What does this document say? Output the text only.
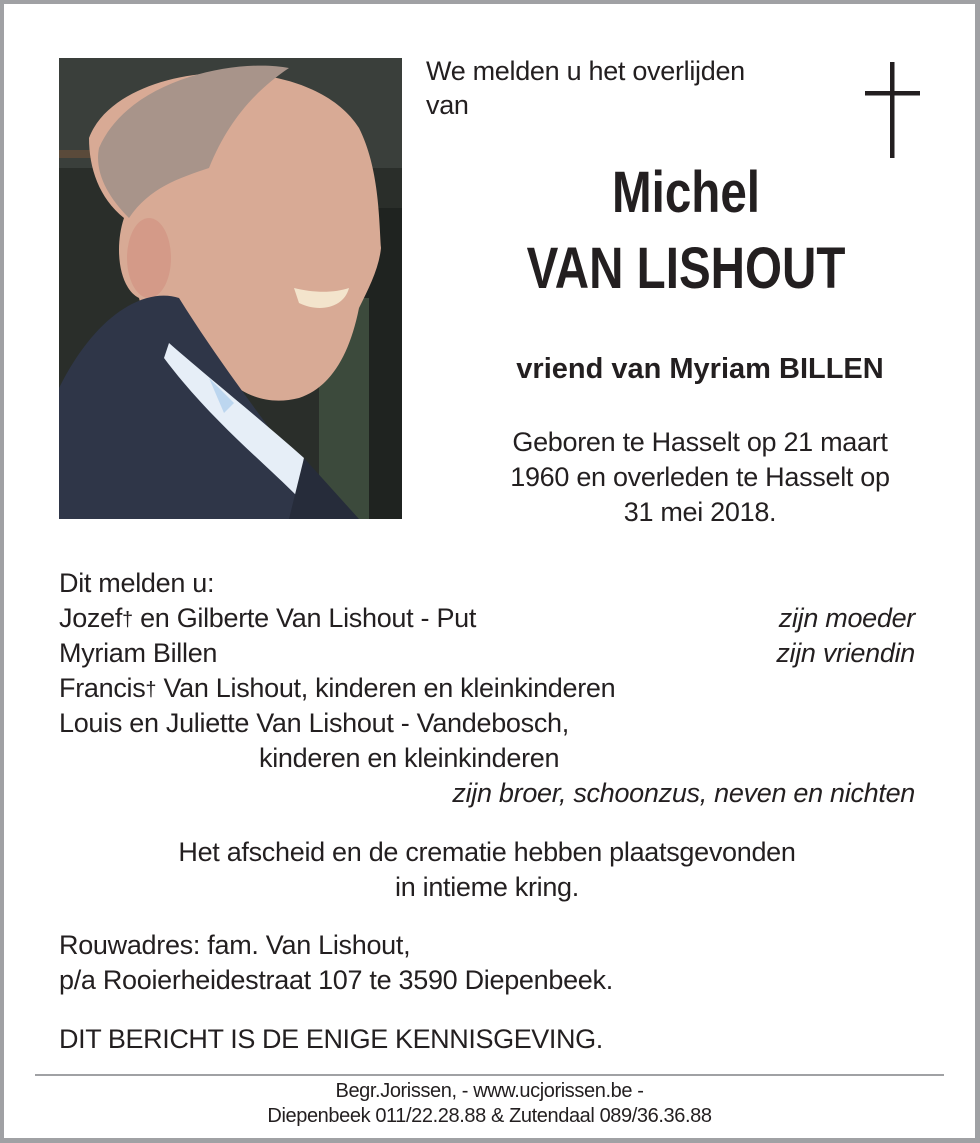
We melden u het overlijden
van
Michel
VAN LISHOUT
vriend van Myriam BILLEN
Geboren te Hasselt op 21 maart
1960 en overleden te Hasselt op
31 mei 2018.
Dit melden u:
Jozef† en Gilberte Van Lishout - Put	zijn moeder
Myriam Billen	zijn vriendin
Francis† Van Lishout, kinderen en kleinkinderen
Louis en Juliette Van Lishout - Vandebosch,
kinderen en kleinkinderen
zijn broer, schoonzus, neven en nichten
Het afscheid en de crematie hebben plaatsgevonden
in intieme kring.
Rouwadres: fam. Van Lishout,
p/a Rooierheidestraat 107 te 3590 Diepenbeek.
DIT BERICHT IS DE ENIGE KENNISGEVING.
Begr.Jorissen, - www.ucjorissen.be -
Diepenbeek 011/22.28.88 & Zutendaal 089/36.36.88
